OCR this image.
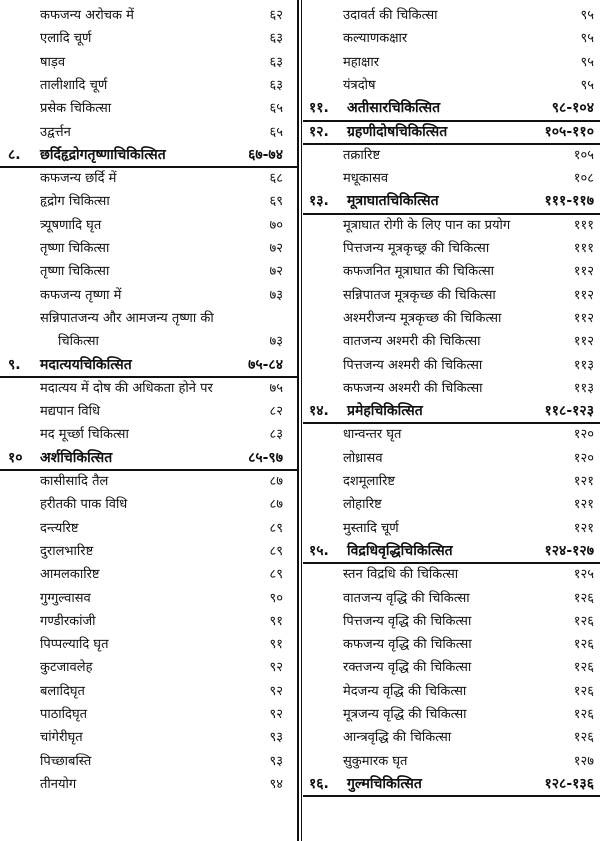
कफजन्य अरोचक में	६२
एलादि चूर्ण	६३
षाड़व	६३
तालीशादि चूर्ण	६३
प्रसेक चिकित्सा	६५
उद्वर्त्तन	६५
८. छर्दिहृद्रोगतृष्णाचिकित्सित	६७-७४
कफजन्य छर्दि में	६८
हृद्रोग चिकित्सा	६९
त्र्यूषणादि घृत	७०
तृष्णा चिकित्सा	७२
तृष्णा चिकित्सा	७२
कफजन्य तृष्णा में	७३
सन्निपातजन्य और आमजन्य तृष्णा की
चिकित्सा	७३
९. मदात्ययचिकित्सित	७५-८४
मदात्यय में दोष की अधिकता होने पर	७५
मद्यपान विधि	८२
मद मूर्च्छा चिकित्सा	८३
१० अर्शचिकित्सित	८५-९७
कासीसादि तैल	८७
हरीतकी पाक विधि	८७
दन्त्यरिष्ट	८९
दुरालभारिष्ट	८९
आमलकारिष्ट	८९
गुग्गुल्वासव	९०
गण्डीरकांजी	९१
पिप्पल्यादि घृत	९१
कुटजावलेह	९२
बलादिघृत	९२
पाठादिघृत	९२
चांगेरीघृत	९३
पिच्छाबस्ति	९३
तीनयोग	९४
उदावर्त की चिकित्सा	९५
कल्याणकक्षार	९५
महाक्षार	९५
यंत्रदोष	९५
११. अतीसारचिकित्सित	९८-१०४
१२. ग्रहणीदोषचिकित्सित	१०५-११०
तक्रारिष्ट	१०५
मधूकासव	१०८
१३. मूत्राघातचिकित्सित	१११-११७
मूत्राघात रोगी के लिए पान का प्रयोग	१११
पित्तजन्य मूत्रकृच्छ्र की चिकित्सा	१११
कफजनित मूत्राघात की चिकित्सा	११२
सन्निपातज मूत्रकृच्छ की चिकित्सा	११२
अश्मरीजन्य मूत्रकृच्छ की चिकित्सा	११२
वातजन्य अश्मरी की चिकित्सा	११२
पित्तजन्य अश्मरी की चिकित्सा	११३
कफजन्य अश्मरी की चिकित्सा	११३
१४. प्रमेहचिकित्सित	११८-१२३
धान्वन्तर घृत	१२०
लोध्रासव	१२०
दशमूलारिष्ट	१२१
लोहारिष्ट	१२१
मुस्तादि चूर्ण	१२१
१५. विद्रधिवृद्धिचिकित्सित	१२४-१२७
स्तन विद्रधि की चिकित्सा	१२५
वातजन्य वृद्धि की चिकित्सा	१२६
पित्तजन्य वृद्धि की चिकित्सा	१२६
कफजन्य वृद्धि की चिकित्सा	१२६
रक्तजन्य वृद्धि की चिकित्सा	१२६
मेदजन्य वृद्धि की चिकित्सा	१२६
मूत्रजन्य वृद्धि की चिकित्सा	१२६
आन्त्रवृद्धि की चिकित्सा	१२६
सुकुमारक घृत	१२७
१६. गुल्मचिकित्सित	१२८-१३६
